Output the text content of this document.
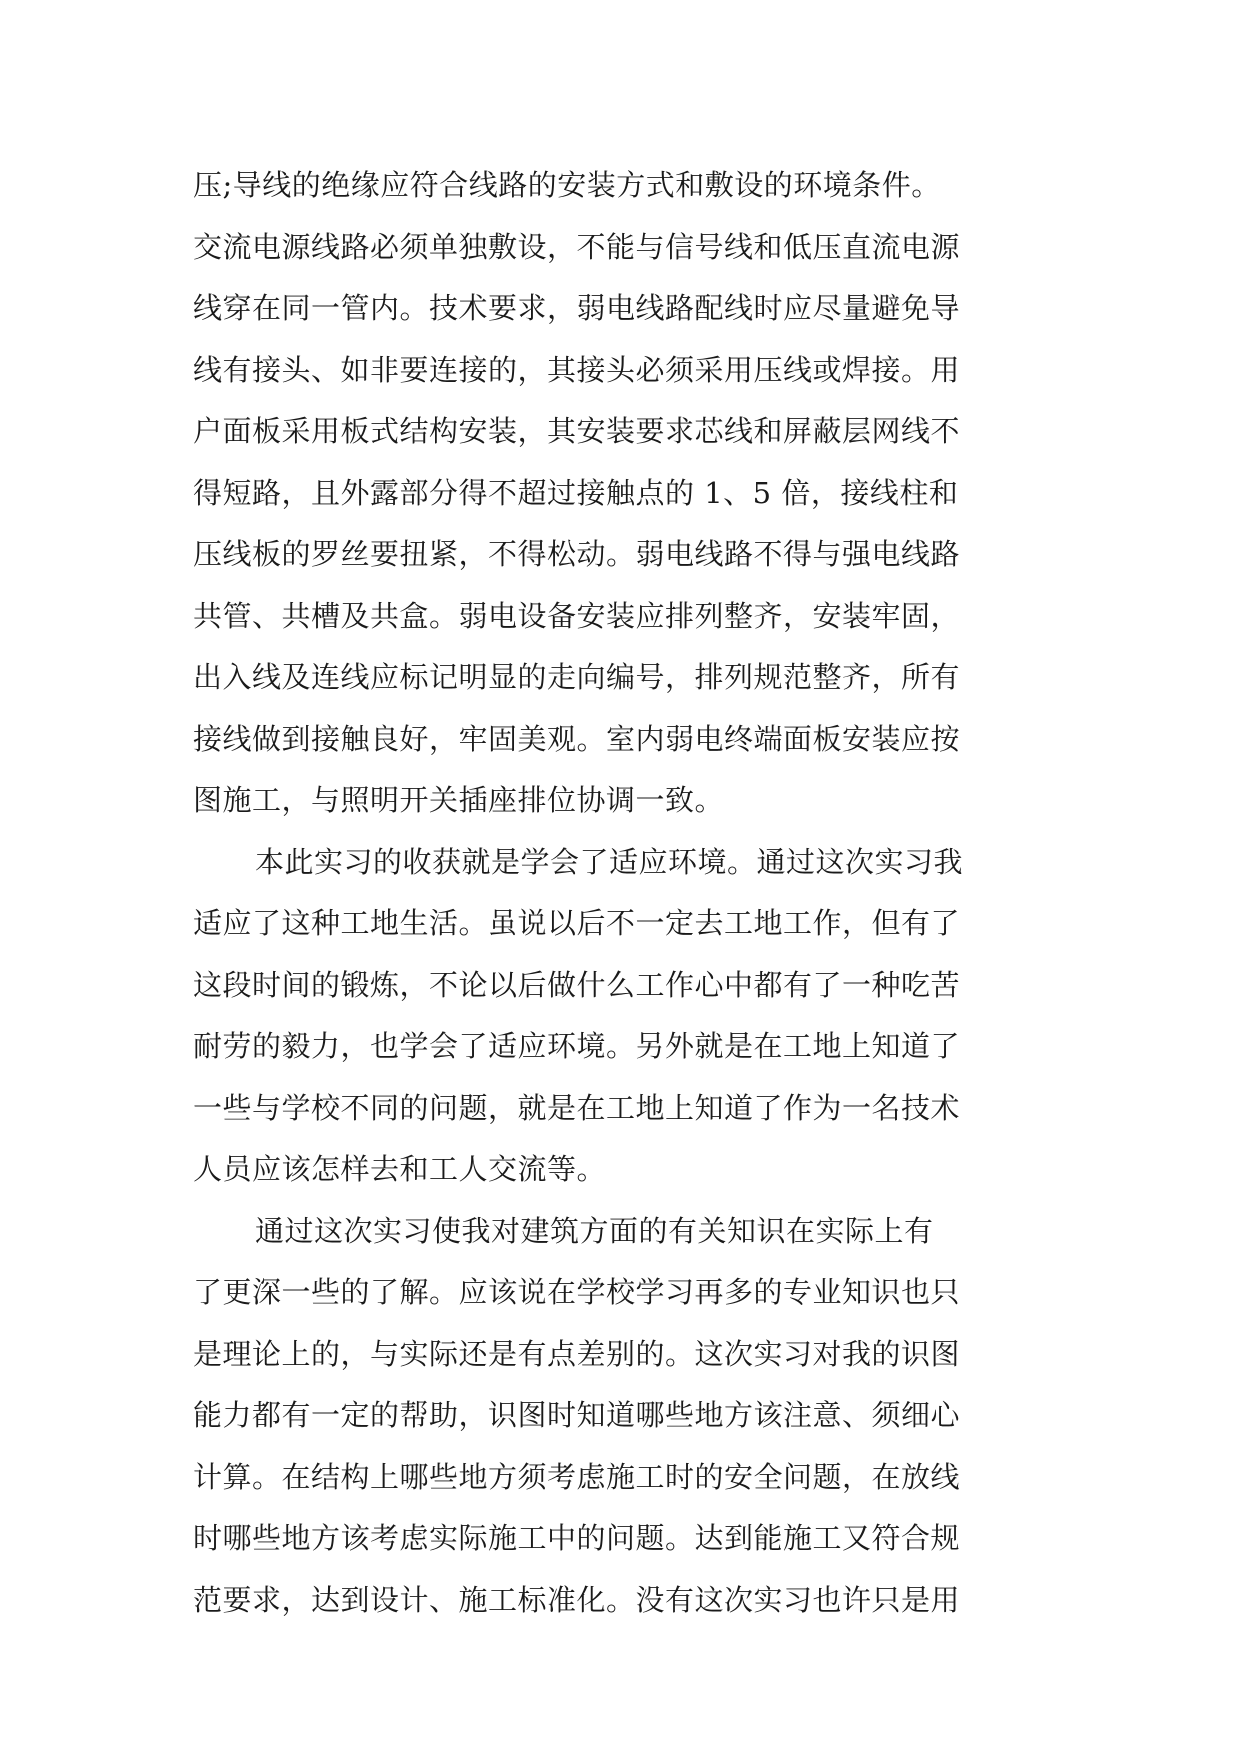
压;导线的绝缘应符合线路的安装方式和敷设的环境条件。
交流电源线路必须单独敷设，不能与信号线和低压直流电源
线穿在同一管内。技术要求，弱电线路配线时应尽量避免导
线有接头、如非要连接的，其接头必须采用压线或焊接。用
户面板采用板式结构安装，其安装要求芯线和屏蔽层网线不
得短路，且外露部分得不超过接触点的 1、5 倍，接线柱和
压线板的罗丝要扭紧，不得松动。弱电线路不得与强电线路
共管、共槽及共盒。弱电设备安装应排列整齐，安装牢固，
出入线及连线应标记明显的走向编号，排列规范整齐，所有
接线做到接触良好，牢固美观。室内弱电终端面板安装应按
图施工，与照明开关插座排位协调一致。
本此实习的收获就是学会了适应环境。通过这次实习我
适应了这种工地生活。虽说以后不一定去工地工作，但有了
这段时间的锻炼，不论以后做什么工作心中都有了一种吃苦
耐劳的毅力，也学会了适应环境。另外就是在工地上知道了
一些与学校不同的问题，就是在工地上知道了作为一名技术
人员应该怎样去和工人交流等。
通过这次实习使我对建筑方面的有关知识在实际上有
了更深一些的了解。应该说在学校学习再多的专业知识也只
是理论上的，与实际还是有点差别的。这次实习对我的识图
能力都有一定的帮助，识图时知道哪些地方该注意、须细心
计算。在结构上哪些地方须考虑施工时的安全问题，在放线
时哪些地方该考虑实际施工中的问题。达到能施工又符合规
范要求，达到设计、施工标准化。没有这次实习也许只是用
